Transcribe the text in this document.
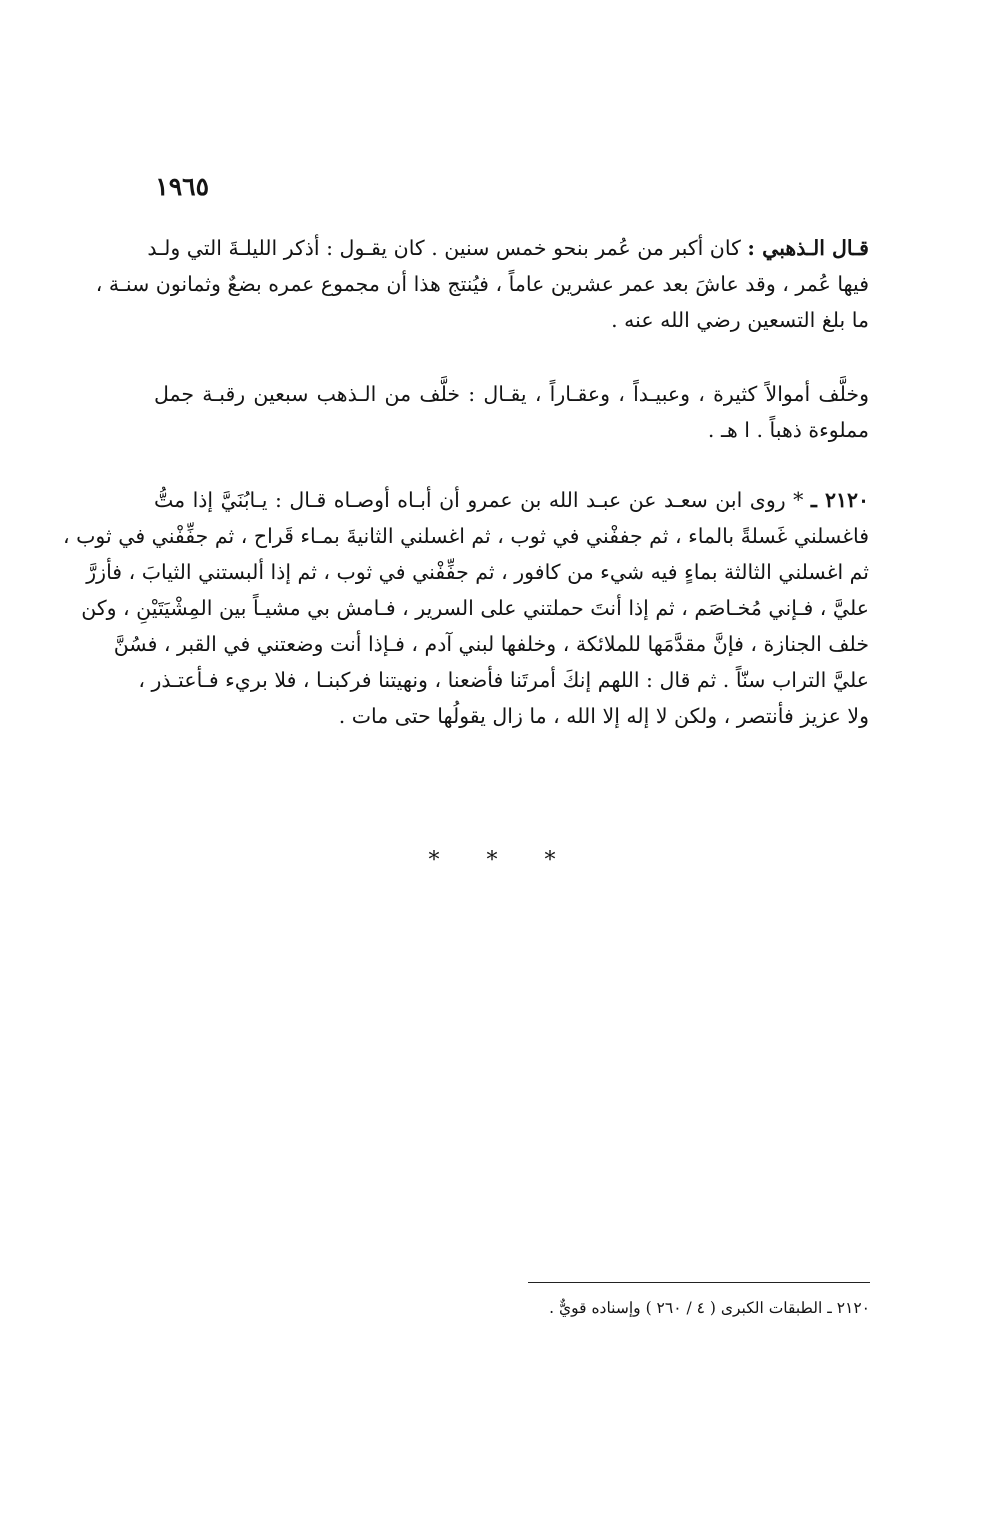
١٩٦٥
قـال الـذهبي : كان أكبر من عُمر بنحو خمس سنين . كان يقـول : أذكر الليلـةَ التي ولـد
فيها عُمر ، وقد عاشَ بعد عمر عشرين عاماً ، فيُنتج هذا أن مجموع عمره بضعٌ وثمانون سنـة ،
ما بلغ التسعين رضي الله عنه .
وخلَّف أموالاً كثيرة ، وعبيـداً ، وعقـاراً ، يقـال : خلَّف من الـذهب سبعين رقبـة جمل
مملوءة ذهباً . ا هـ .
٢١٢٠ ـ * روى ابن سعـد عن عبـد الله بن عمرو أن أبـاه أوصـاه قـال : يـابُنَيَّ إذا متُّ
فاغسلني غَسلةً بالماء ، ثم جففْني في ثوب ، ثم اغسلني الثانيةَ بمـاء قَراح ، ثم جفِّفْني في ثوب ،
ثم اغسلني الثالثة بماءٍ فيه شيء من كافور ، ثم جفِّفْني في ثوب ، ثم إذا ألبستني الثيابَ ، فأزرَّ
عليَّ ، فـإني مُخـاصَم ، ثم إذا أنتَ حملتني على السرير ، فـامش بي مشيـاً بين المِشْيَتَيْنِ ، وكن
خلف الجنازة ، فإنَّ مقدَّمَها للملائكة ، وخلفها لبني آدم ، فـإذا أنت وضعتني في القبر ، فسُنَّ
عليَّ التراب سنّاً . ثم قال : اللهم إنكَ أمرتَنا فأضعنا ، ونهيتنا فركبنـا ، فلا بريء فـأعتـذر ،
ولا عزيز فأنتصر ، ولكن لا إله إلا الله ، ما زال يقولُها حتى مات .
* * *
٢١٢٠ ـ الطبقات الكبرى ( ٤ / ٢٦٠ ) وإسناده قويٌّ .
